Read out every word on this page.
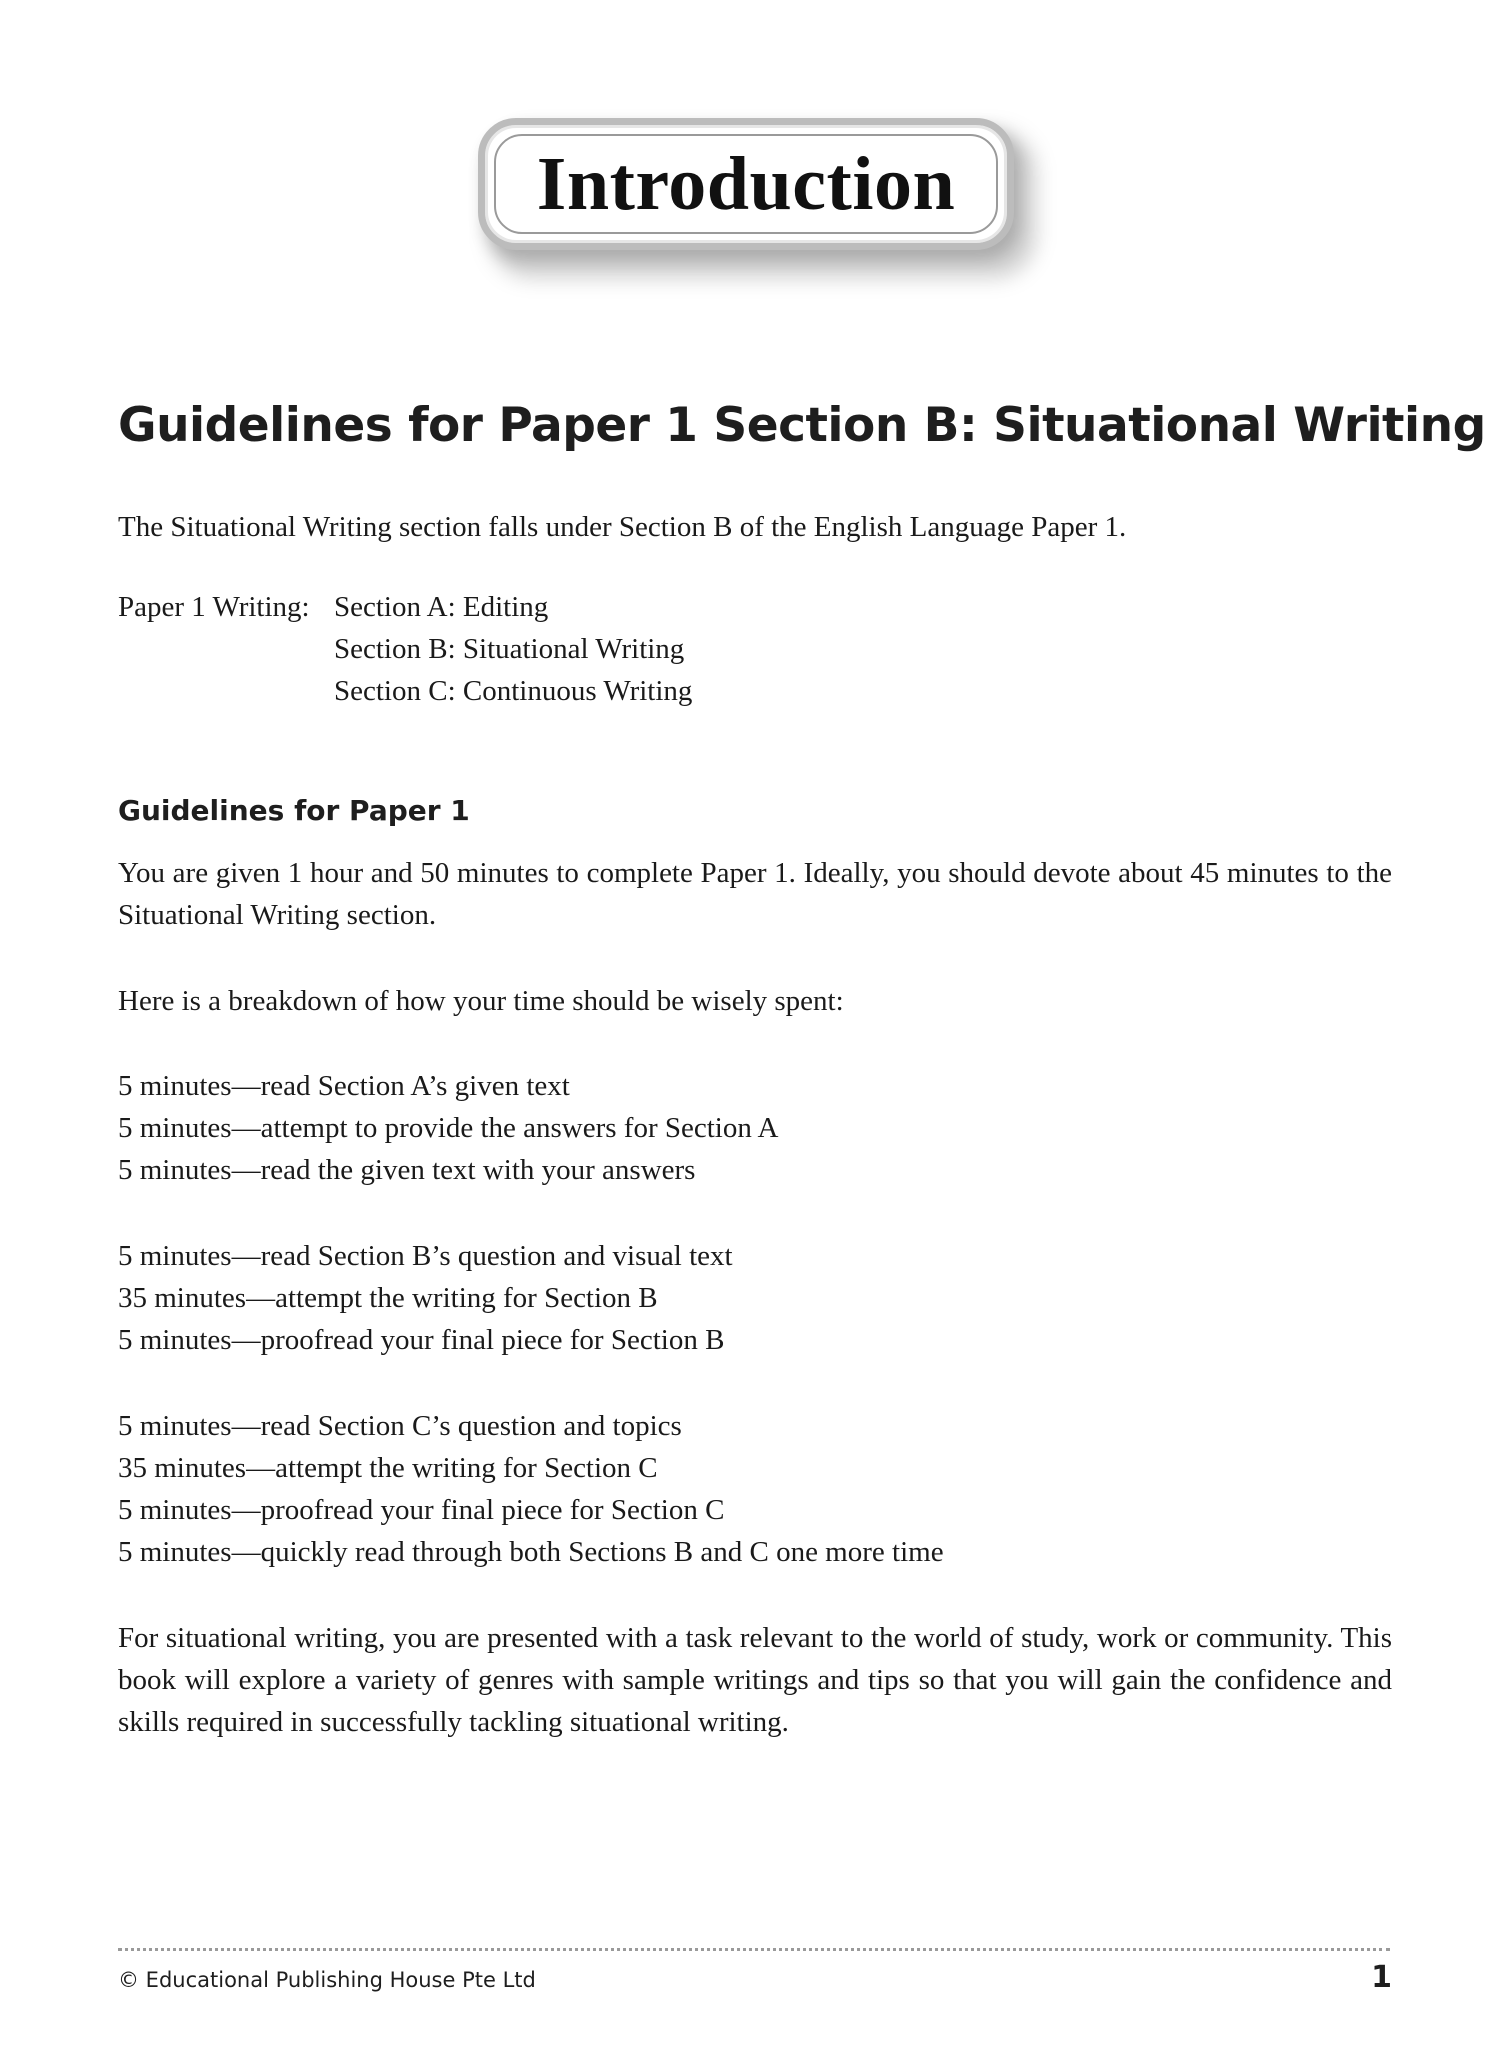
Introduction
Guidelines for Paper 1 Section B: Situational Writing
The Situational Writing section falls under Section B of the English Language Paper 1.
Paper 1 Writing: Section A: Editing
Section B: Situational Writing
Section C: Continuous Writing
Guidelines for Paper 1
You are given 1 hour and 50 minutes to complete Paper 1. Ideally, you should devote about 45 minutes to the Situational Writing section.
Here is a breakdown of how your time should be wisely spent:
5 minutes—read Section A’s given text
5 minutes—attempt to provide the answers for Section A
5 minutes—read the given text with your answers
5 minutes—read Section B’s question and visual text
35 minutes—attempt the writing for Section B
5 minutes—proofread your final piece for Section B
5 minutes—read Section C’s question and topics
35 minutes—attempt the writing for Section C
5 minutes—proofread your final piece for Section C
5 minutes—quickly read through both Sections B and C one more time
For situational writing, you are presented with a task relevant to the world of study, work or community. This book will explore a variety of genres with sample writings and tips so that you will gain the confidence and skills required in successfully tackling situational writing.
© Educational Publishing House Pte Ltd	1
